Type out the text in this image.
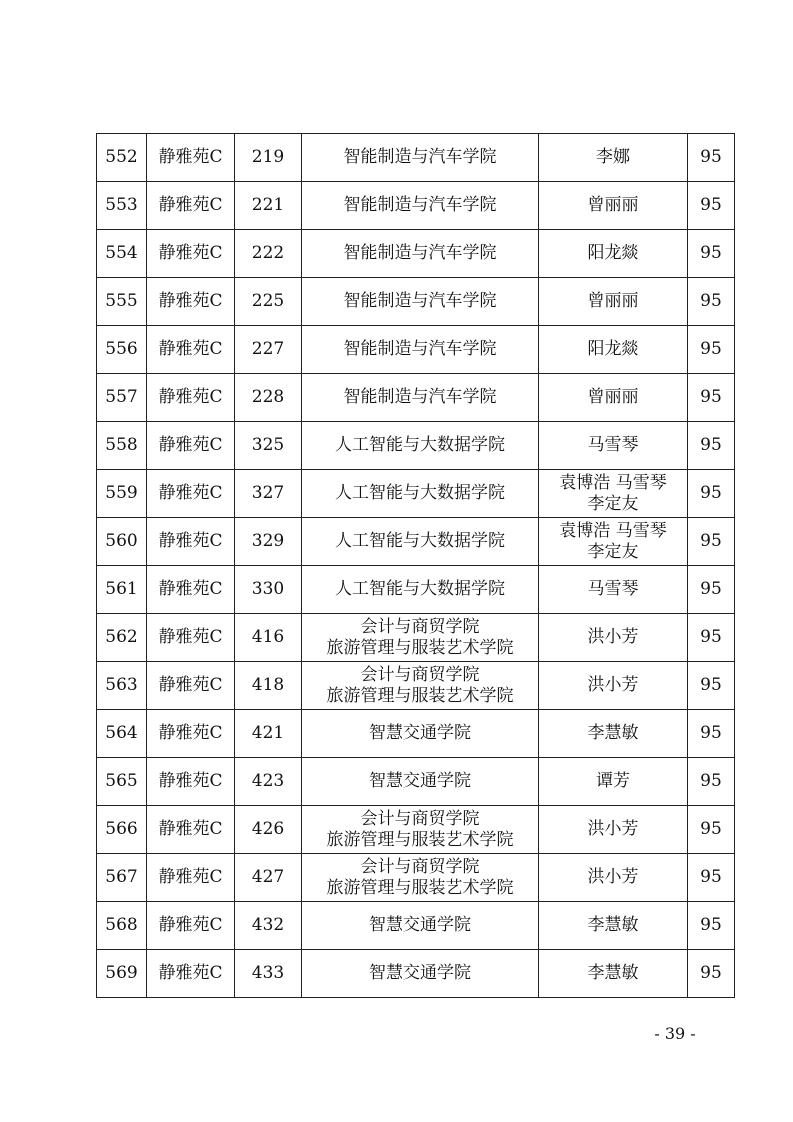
552	静雅苑C	219	智能制造与汽车学院	李娜	95
553	静雅苑C	221	智能制造与汽车学院	曾丽丽	95
554	静雅苑C	222	智能制造与汽车学院	阳龙燚	95
555	静雅苑C	225	智能制造与汽车学院	曾丽丽	95
556	静雅苑C	227	智能制造与汽车学院	阳龙燚	95
557	静雅苑C	228	智能制造与汽车学院	曾丽丽	95
558	静雅苑C	325	人工智能与大数据学院	马雪琴	95
559	静雅苑C	327	人工智能与大数据学院	袁博浩 马雪琴
李定友	95
560	静雅苑C	329	人工智能与大数据学院	袁博浩 马雪琴
李定友	95
561	静雅苑C	330	人工智能与大数据学院	马雪琴	95
562	静雅苑C	416	会计与商贸学院
旅游管理与服装艺术学院	洪小芳	95
563	静雅苑C	418	会计与商贸学院
旅游管理与服装艺术学院	洪小芳	95
564	静雅苑C	421	智慧交通学院	李慧敏	95
565	静雅苑C	423	智慧交通学院	谭芳	95
566	静雅苑C	426	会计与商贸学院
旅游管理与服装艺术学院	洪小芳	95
567	静雅苑C	427	会计与商贸学院
旅游管理与服装艺术学院	洪小芳	95
568	静雅苑C	432	智慧交通学院	李慧敏	95
569	静雅苑C	433	智慧交通学院	李慧敏	95
- 39 -
